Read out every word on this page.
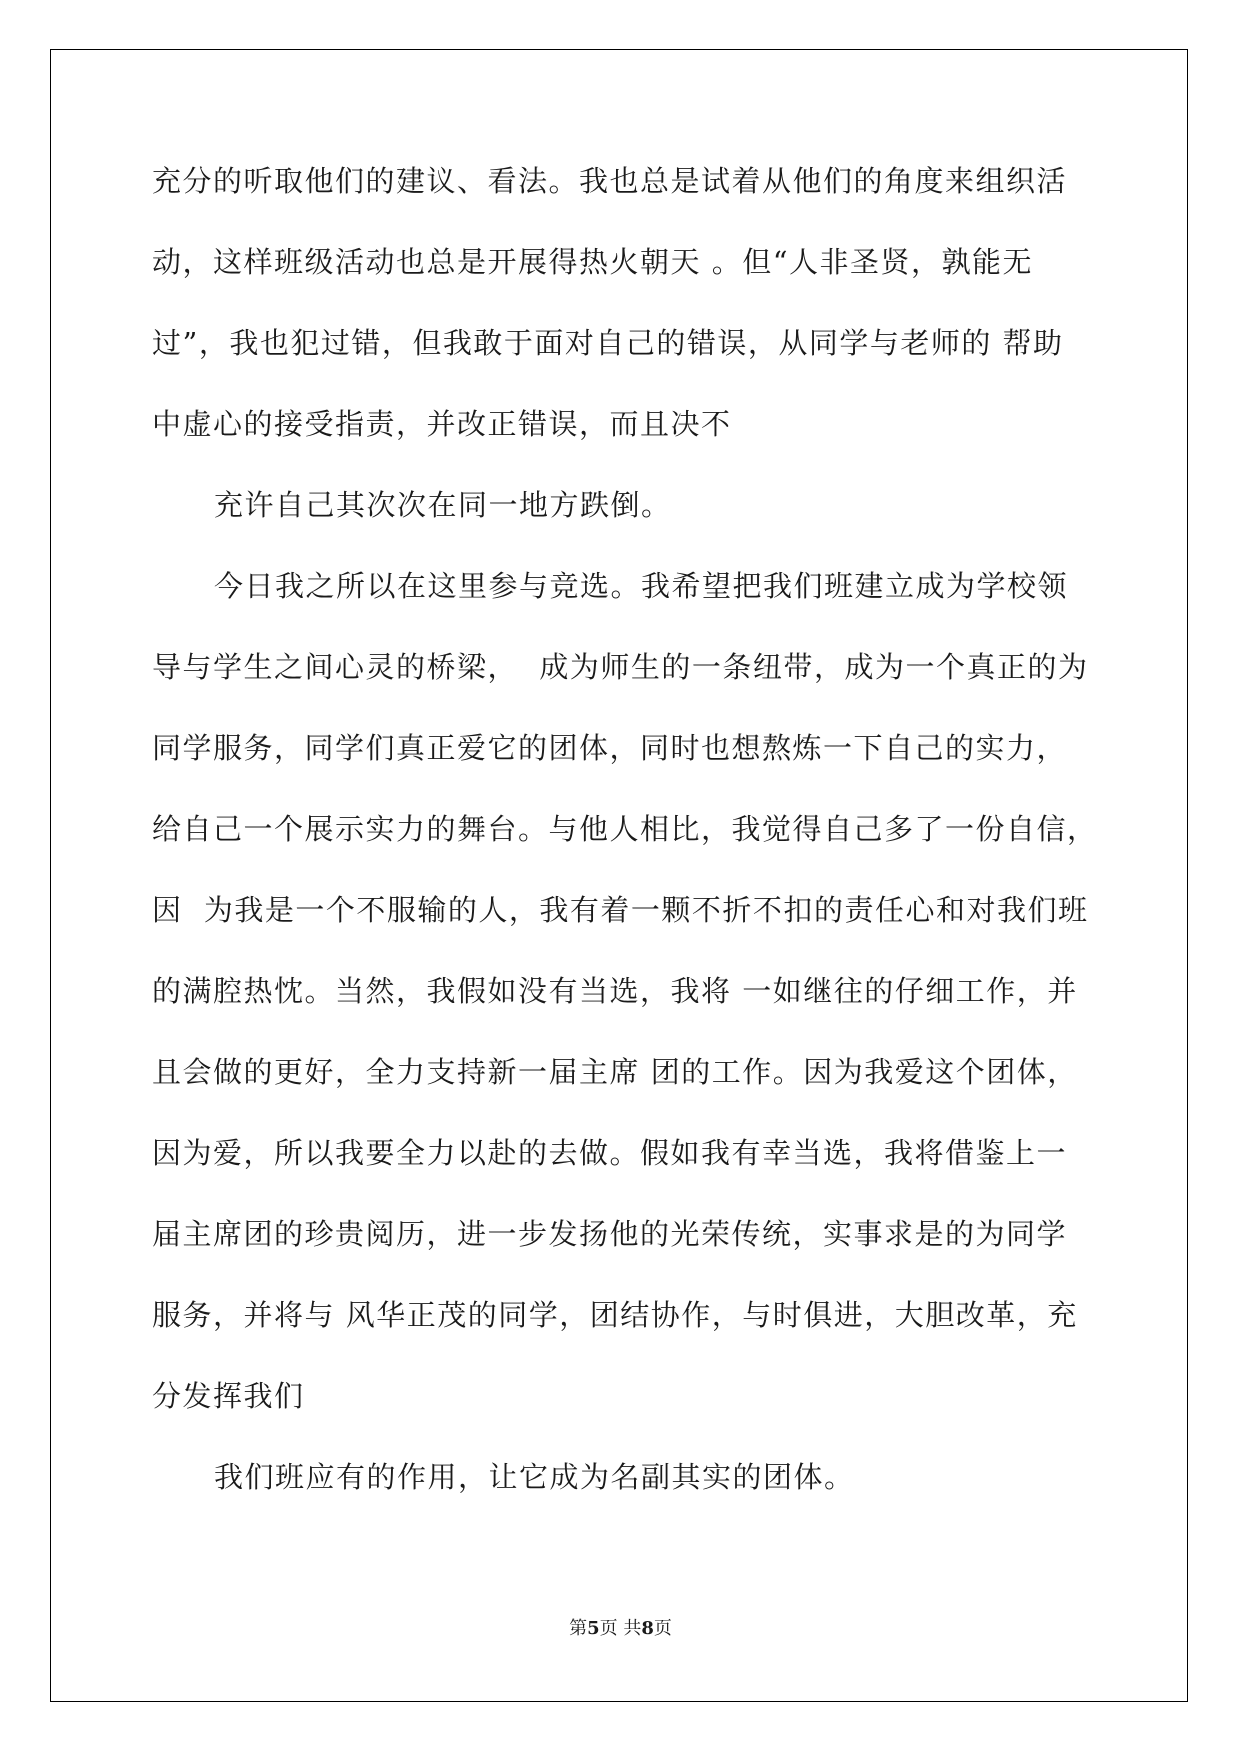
充分的听取他们的建议、看法。我也总是试着从他们的角度来组织活
动，这样班级活动也总是开展得热火朝天 。但“人非圣贤，孰能无
过”，我也犯过错，但我敢于面对自己的错误，从同学与老师的 帮助
中虚心的接受指责，并改正错误，而且决不
充许自己其次次在同一地方跌倒。
今日我之所以在这里参与竞选。我希望把我们班建立成为学校领
导与学生之间心灵的桥梁，  成为师生的一条纽带，成为一个真正的为
同学服务，同学们真正爱它的团体，同时也想熬炼一下自己的实力，
给自己一个展示实力的舞台。与他人相比，我觉得自己多了一份自信，
因  为我是一个不服输的人，我有着一颗不折不扣的责任心和对我们班
的满腔热忱。当然，我假如没有当选，我将 一如继往的仔细工作，并
且会做的更好，全力支持新一届主席 团的工作。因为我爱这个团体，
因为爱，所以我要全力以赴的去做。假如我有幸当选，我将借鉴上一
届主席团的珍贵阅历，进一步发扬他的光荣传统，实事求是的为同学
服务，并将与 风华正茂的同学，团结协作，与时俱进，大胆改革，充
分发挥我们
我们班应有的作用，让它成为名副其实的团体。
第5页 共8页
